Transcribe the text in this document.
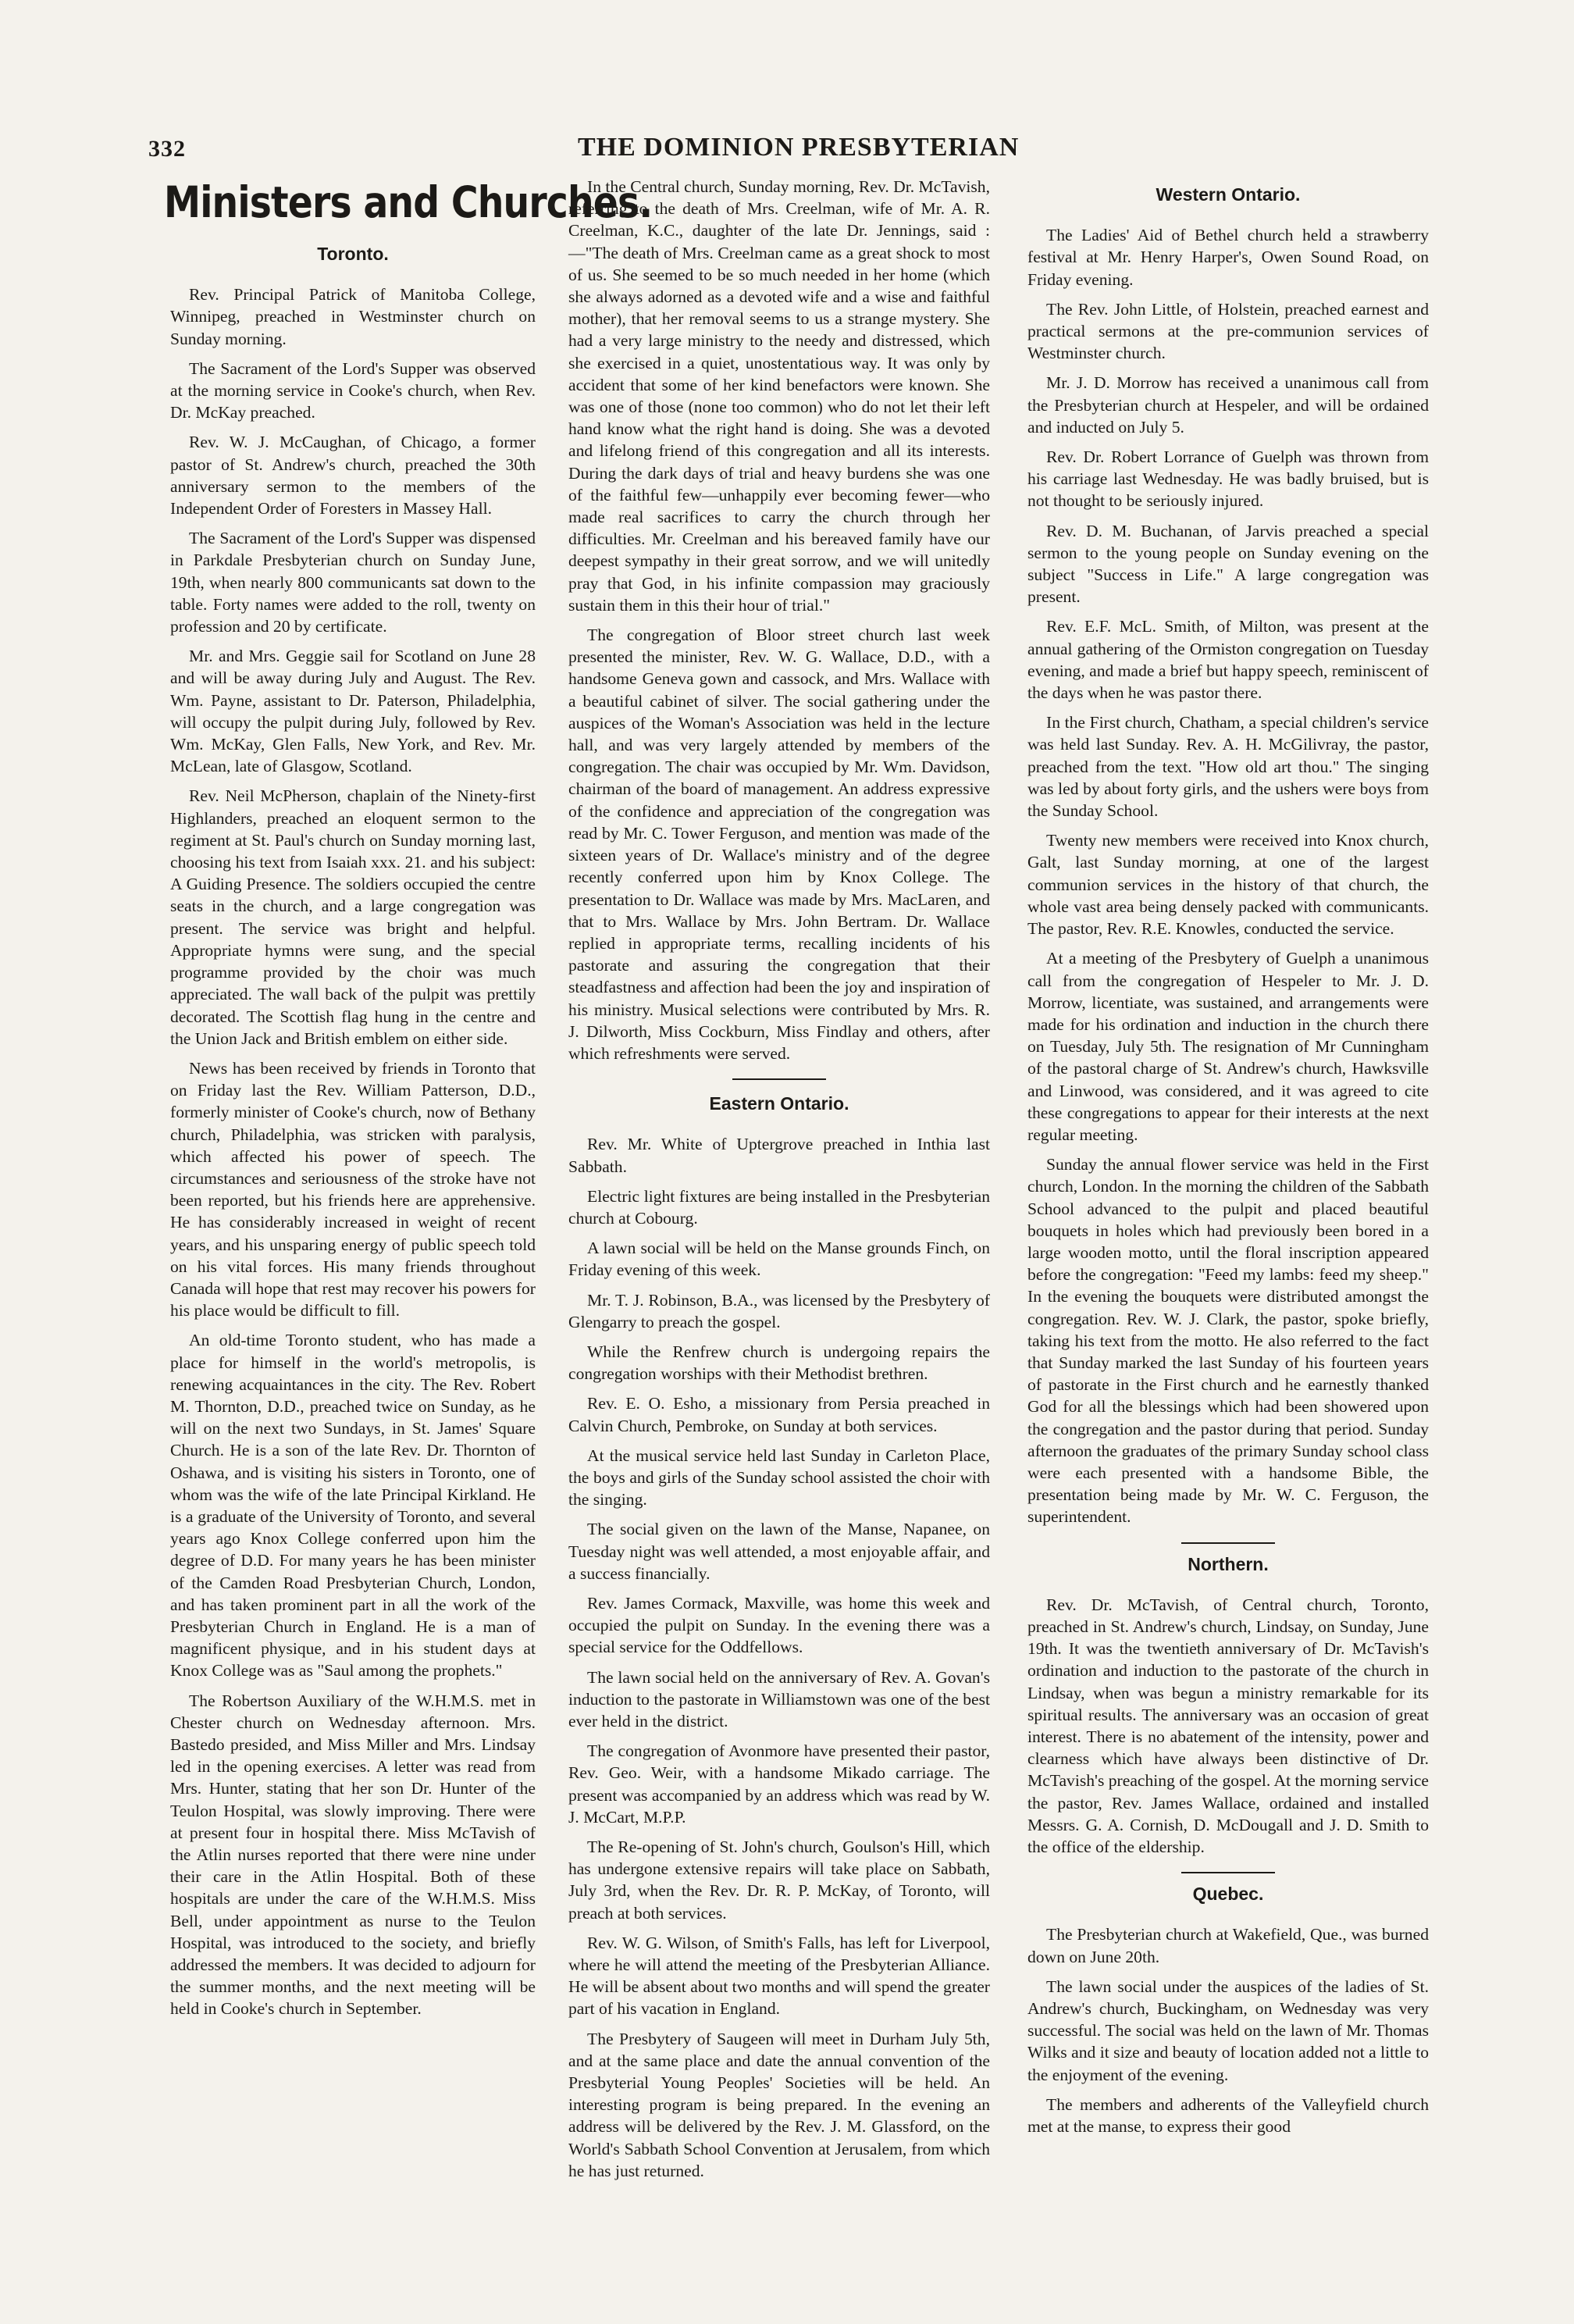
332	THE DOMINION PRESBYTERIAN
Ministers and Churches.
Toronto.

Rev. Principal Patrick of Manitoba College, Winnipeg, preached in Westminster church on Sunday morning.

The Sacrament of the Lord's Supper was observed at the morning service in Cooke's church, when Rev. Dr. McKay preached.

Rev. W. J. McCaughan, of Chicago, a former pastor of St. Andrew's church, preached the 30th anniversary sermon to the members of the Independent Order of Foresters in Massey Hall.

The Sacrament of the Lord's Supper was dispensed in Parkdale Presbyterian church on Sunday June, 19th, when nearly 800 communicants sat down to the table. Forty names were added to the roll, twenty on profession and 20 by certificate.

Mr. and Mrs. Geggie sail for Scotland on June 28 and will be away during July and August. The Rev. Wm. Payne, assistant to Dr. Paterson, Philadelphia, will occupy the pulpit during July, followed by Rev. Wm. McKay, Glen Falls, New York, and Rev. Mr. McLean, late of Glasgow, Scotland.

Rev. Neil McPherson, chaplain of the Ninety-first Highlanders, preached an eloquent sermon to the regiment at St. Paul's church on Sunday morning last, choosing his text from Isaiah xxx. 21. and his subject: A Guiding Presence. The soldiers occupied the centre seats in the church, and a large congregation was present. The service was bright and helpful. Appropriate hymns were sung, and the special programme provided by the choir was much appreciated. The wall back of the pulpit was prettily decorated. The Scottish flag hung in the centre and the Union Jack and British emblem on either side.

News has been received by friends in Toronto that on Friday last the Rev. William Patterson, D.D., formerly minister of Cooke's church, now of Bethany church, Philadelphia, was stricken with paralysis, which affected his power of speech. The circumstances and seriousness of the stroke have not been reported, but his friends here are apprehensive. He has considerably increased in weight of recent years, and his unsparing energy of public speech told on his vital forces. His many friends throughout Canada will hope that rest may recover his powers for his place would be difficult to fill.

An old-time Toronto student, who has made a place for himself in the world's metropolis, is renewing acquaintances in the city. The Rev. Robert M. Thornton, D.D., preached twice on Sunday, as he will on the next two Sundays, in St. James' Square Church. He is a son of the late Rev. Dr. Thornton of Oshawa, and is visiting his sisters in Toronto, one of whom was the wife of the late Principal Kirkland. He is a graduate of the University of Toronto, and several years ago Knox College conferred upon him the degree of D.D. For many years he has been minister of the Camden Road Presbyterian Church, London, and has taken prominent part in all the work of the Presbyterian Church in England. He is a man of magnificent physique, and in his student days at Knox College was as "Saul among the prophets."

The Robertson Auxiliary of the W.H.M.S. met in Chester church on Wednesday afternoon. Mrs. Bastedo presided, and Miss Miller and Mrs. Lindsay led in the opening exercises. A letter was read from Mrs. Hunter, stating that her son Dr. Hunter of the Teulon Hospital, was slowly improving. There were at present four in hospital there. Miss McTavish of the Atlin nurses reported that there were nine under their care in the Atlin Hospital. Both of these hospitals are under the care of the W.H.M.S. Miss Bell, under appointment as nurse to the Teulon Hospital, was introduced to the society, and briefly addressed the members. It was decided to adjourn for the summer months, and the next meeting will be held in Cooke's church in September.

In the Central church, Sunday morning, Rev. Dr. McTavish, referring to the death of Mrs. Creelman, wife of Mr. A. R. Creelman, K.C., daughter of the late Dr. Jennings, said :—"The death of Mrs. Creelman came as a great shock to most of us. She seemed to be so much needed in her home (which she always adorned as a devoted wife and a wise and faithful mother), that her removal seems to us a strange mystery. She had a very large ministry to the needy and distressed, which she exercised in a quiet, unostentatious way. It was only by accident that some of her kind benefactors were known. She was one of those (none too common) who do not let their left hand know what the right hand is doing. She was a devoted and lifelong friend of this congregation and all its interests. During the dark days of trial and heavy burdens she was one of the faithful few—unhappily ever becoming fewer—who made real sacrifices to carry the church through her difficulties. Mr. Creelman and his bereaved family have our deepest sympathy in their great sorrow, and we will unitedly pray that God, in his infinite compassion may graciously sustain them in this their hour of trial."

The congregation of Bloor street church last week presented the minister, Rev. W. G. Wallace, D.D., with a handsome Geneva gown and cassock, and Mrs. Wallace with a beautiful cabinet of silver. The social gathering under the auspices of the Woman's Association was held in the lecture hall, and was very largely attended by members of the congregation. The chair was occupied by Mr. Wm. Davidson, chairman of the board of management. An address expressive of the confidence and appreciation of the congregation was read by Mr. C. Tower Ferguson, and mention was made of the sixteen years of Dr. Wallace's ministry and of the degree recently conferred upon him by Knox College. The presentation to Dr. Wallace was made by Mrs. MacLaren, and that to Mrs. Wallace by Mrs. John Bertram. Dr. Wallace replied in appropriate terms, recalling incidents of his pastorate and assuring the congregation that their steadfastness and affection had been the joy and inspiration of his ministry. Musical selections were contributed by Mrs. R. J. Dilworth, Miss Cockburn, Miss Findlay and others, after which refreshments were served.

Eastern Ontario.

Rev. Mr. White of Uptergrove preached in Inthia last Sabbath.

Electric light fixtures are being installed in the Presbyterian church at Cobourg.

A lawn social will be held on the Manse grounds Finch, on Friday evening of this week.

Mr. T. J. Robinson, B.A., was licensed by the Presbytery of Glengarry to preach the gospel.

While the Renfrew church is undergoing repairs the congregation worships with their Methodist brethren.

Rev. E. O. Esho, a missionary from Persia preached in Calvin Church, Pembroke, on Sunday at both services.

At the musical service held last Sunday in Carleton Place, the boys and girls of the Sunday school assisted the choir with the singing.

The social given on the lawn of the Manse, Napanee, on Tuesday night was well attended, a most enjoyable affair, and a success financially.

Rev. James Cormack, Maxville, was home this week and occupied the pulpit on Sunday. In the evening there was a special service for the Oddfellows.

The lawn social held on the anniversary of Rev. A. Govan's induction to the pastorate in Williamstown was one of the best ever held in the district.

The congregation of Avonmore have presented their pastor, Rev. Geo. Weir, with a handsome Mikado carriage. The present was accompanied by an address which was read by W. J. McCart, M.P.P.

The Re-opening of St. John's church, Goulson's Hill, which has undergone extensive repairs will take place on Sabbath, July 3rd, when the Rev. Dr. R. P. McKay, of Toronto, will preach at both services.

Rev. W. G. Wilson, of Smith's Falls, has left for Liverpool, where he will attend the meeting of the Presbyterian Alliance. He will be absent about two months and will spend the greater part of his vacation in England.

The Presbytery of Saugeen will meet in Durham July 5th, and at the same place and date the annual convention of the Presbyterial Young Peoples' Societies will be held. An interesting program is being prepared. In the evening an address will be delivered by the Rev. J. M. Glassford, on the World's Sabbath School Convention at Jerusalem, from which he has just returned.

Western Ontario.

The Ladies' Aid of Bethel church held a strawberry festival at Mr. Henry Harper's, Owen Sound Road, on Friday evening.

The Rev. John Little, of Holstein, preached earnest and practical sermons at the pre-communion services of Westminster church.

Mr. J. D. Morrow has received a unanimous call from the Presbyterian church at Hespeler, and will be ordained and inducted on July 5.

Rev. Dr. Robert Lorrance of Guelph was thrown from his carriage last Wednesday. He was badly bruised, but is not thought to be seriously injured.

Rev. D. M. Buchanan, of Jarvis preached a special sermon to the young people on Sunday evening on the subject "Success in Life." A large congregation was present.

Rev. E.F. McL. Smith, of Milton, was present at the annual gathering of the Ormiston congregation on Tuesday evening, and made a brief but happy speech, reminiscent of the days when he was pastor there.

In the First church, Chatham, a special children's service was held last Sunday. Rev. A. H. McGilivray, the pastor, preached from the text. "How old art thou." The singing was led by about forty girls, and the ushers were boys from the Sunday School.

Twenty new members were received into Knox church, Galt, last Sunday morning, at one of the largest communion services in the history of that church, the whole vast area being densely packed with communicants. The pastor, Rev. R.E. Knowles, conducted the service.

At a meeting of the Presbytery of Guelph a unanimous call from the congregation of Hespeler to Mr. J. D. Morrow, licentiate, was sustained, and arrangements were made for his ordination and induction in the church there on Tuesday, July 5th. The resignation of Mr Cunningham of the pastoral charge of St. Andrew's church, Hawksville and Linwood, was considered, and it was agreed to cite these congregations to appear for their interests at the next regular meeting.

Sunday the annual flower service was held in the First church, London. In the morning the children of the Sabbath School advanced to the pulpit and placed beautiful bouquets in holes which had previously been bored in a large wooden motto, until the floral inscription appeared before the congregation: "Feed my lambs: feed my sheep." In the evening the bouquets were distributed amongst the congregation. Rev. W. J. Clark, the pastor, spoke briefly, taking his text from the motto. He also referred to the fact that Sunday marked the last Sunday of his fourteen years of pastorate in the First church and he earnestly thanked God for all the blessings which had been showered upon the congregation and the pastor during that period. Sunday afternoon the graduates of the primary Sunday school class were each presented with a handsome Bible, the presentation being made by Mr. W. C. Ferguson, the superintendent.

Northern.

Rev. Dr. McTavish, of Central church, Toronto, preached in St. Andrew's church, Lindsay, on Sunday, June 19th. It was the twentieth anniversary of Dr. McTavish's ordination and induction to the pastorate of the church in Lindsay, when was begun a ministry remarkable for its spiritual results. The anniversary was an occasion of great interest. There is no abatement of the intensity, power and clearness which have always been distinctive of Dr. McTavish's preaching of the gospel. At the morning service the pastor, Rev. James Wallace, ordained and installed Messrs. G. A. Cornish, D. McDougall and J. D. Smith to the office of the eldership.

Quebec.

The Presbyterian church at Wakefield, Que., was burned down on June 20th.

The lawn social under the auspices of the ladies of St. Andrew's church, Buckingham, on Wednesday was very successful. The social was held on the lawn of Mr. Thomas Wilks and it size and beauty of location added not a little to the enjoyment of the evening.

The members and adherents of the Valleyfield church met at the manse, to express their good
